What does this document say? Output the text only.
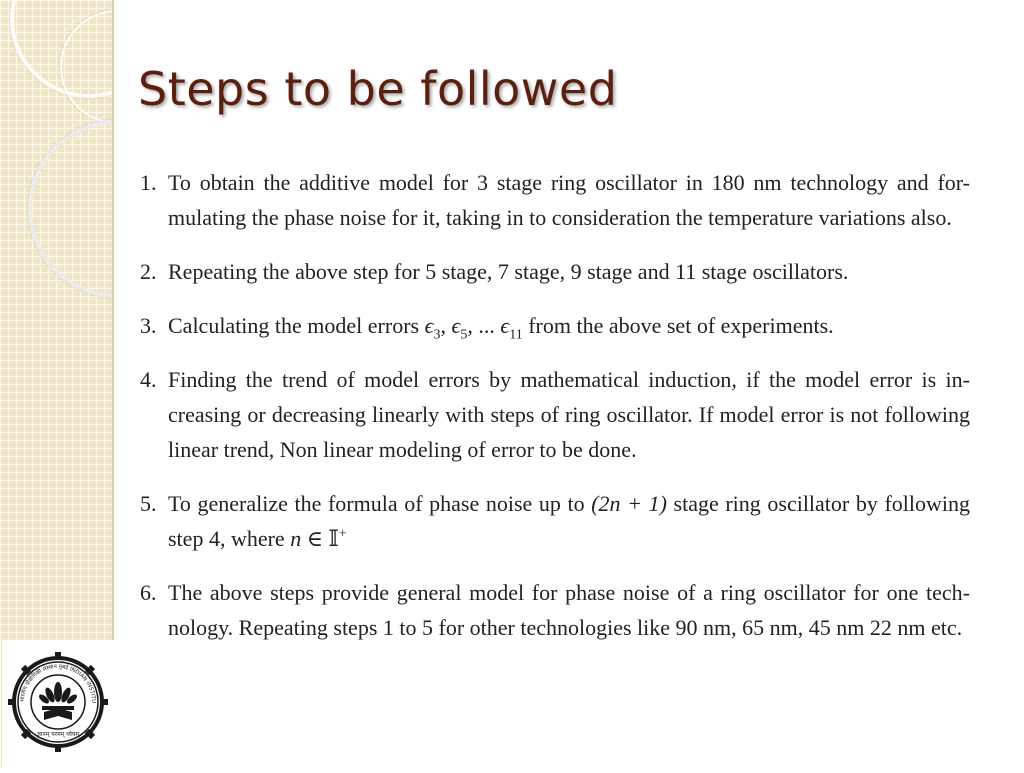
भारतीय प्रौद्योगिकी संस्थान मुंबई INDIAN INSTITU
ज्ञानम् परमम् ध्येयम्
Steps to be followed
1. To obtain the additive model for 3 stage ring oscillator in 180 nm technology and for-mulating the phase noise for it, taking in to consideration the temperature variations also.
2. Repeating the above step for 5 stage, 7 stage, 9 stage and 11 stage oscillators.
3. Calculating the model errors $\epsilon_3$, $\epsilon_5$, ... $\epsilon_{11}$ from the above set of experiments.
4. Finding the trend of model errors by mathematical induction, if the model error is in-creasing or decreasing linearly with steps of ring oscillator. If model error is not following linear trend, Non linear modeling of error to be done.
5. To generalize the formula of phase noise up to (2n + 1) stage ring oscillator by following step 4, where n ∈ 𝕀+
6. The above steps provide general model for phase noise of a ring oscillator for one tech-nology. Repeating steps 1 to 5 for other technologies like 90 nm, 65 nm, 45 nm 22 nm etc.
